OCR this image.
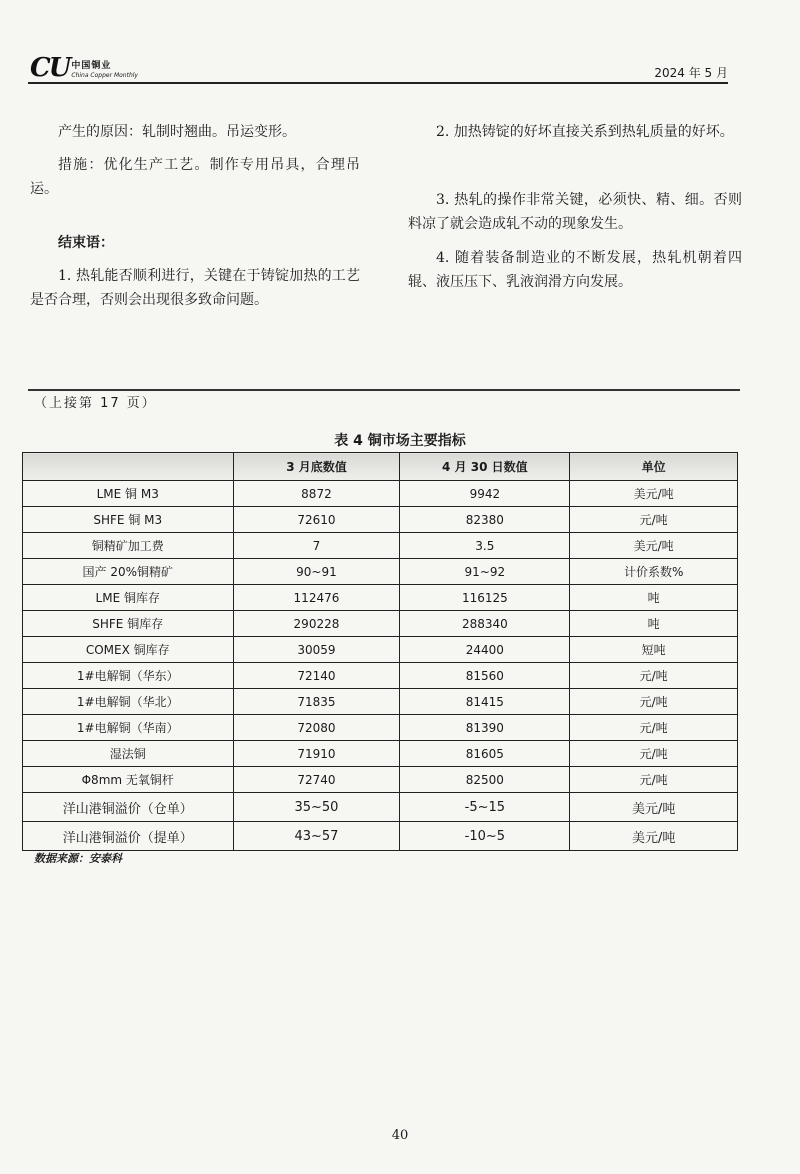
CU 中国铜业
China Copper Monthly	2024 年 5 月

产生的原因：轧制时翘曲。吊运变形。

措施：优化生产工艺。制作专用吊具，合理吊运。

结束语：

1. 热轧能否顺利进行，关键在于铸锭加热的工艺是否合理，否则会出现很多致命问题。

2. 加热铸锭的好坏直接关系到热轧质量的好坏。

3. 热轧的操作非常关键，必须快、精、细。否则料凉了就会造成轧不动的现象发生。

4. 随着装备制造业的不断发展，热轧机朝着四辊、液压压下、乳液润滑方向发展。

（上接第 17 页）
表 4 铜市场主要指标
	3 月底数值	4 月 30 日数值	单位
LME 铜 M3	8872	9942	美元/吨
SHFE 铜 M3	72610	82380	元/吨
铜精矿加工费	7	3.5	美元/吨
国产 20%铜精矿	90~91	91~92	计价系数%
LME 铜库存	112476	116125	吨
SHFE 铜库存	290228	288340	吨
COMEX 铜库存	30059	24400	短吨
1#电解铜（华东）	72140	81560	元/吨
1#电解铜（华北）	71835	81415	元/吨
1#电解铜（华南）	72080	81390	元/吨
湿法铜	71910	81605	元/吨
Φ8mm 无氧铜杆	72740	82500	元/吨
洋山港铜溢价（仓单）	35~50	-5~15	美元/吨
洋山港铜溢价（提单）	43~57	-10~5	美元/吨
数据来源：安泰科
40
